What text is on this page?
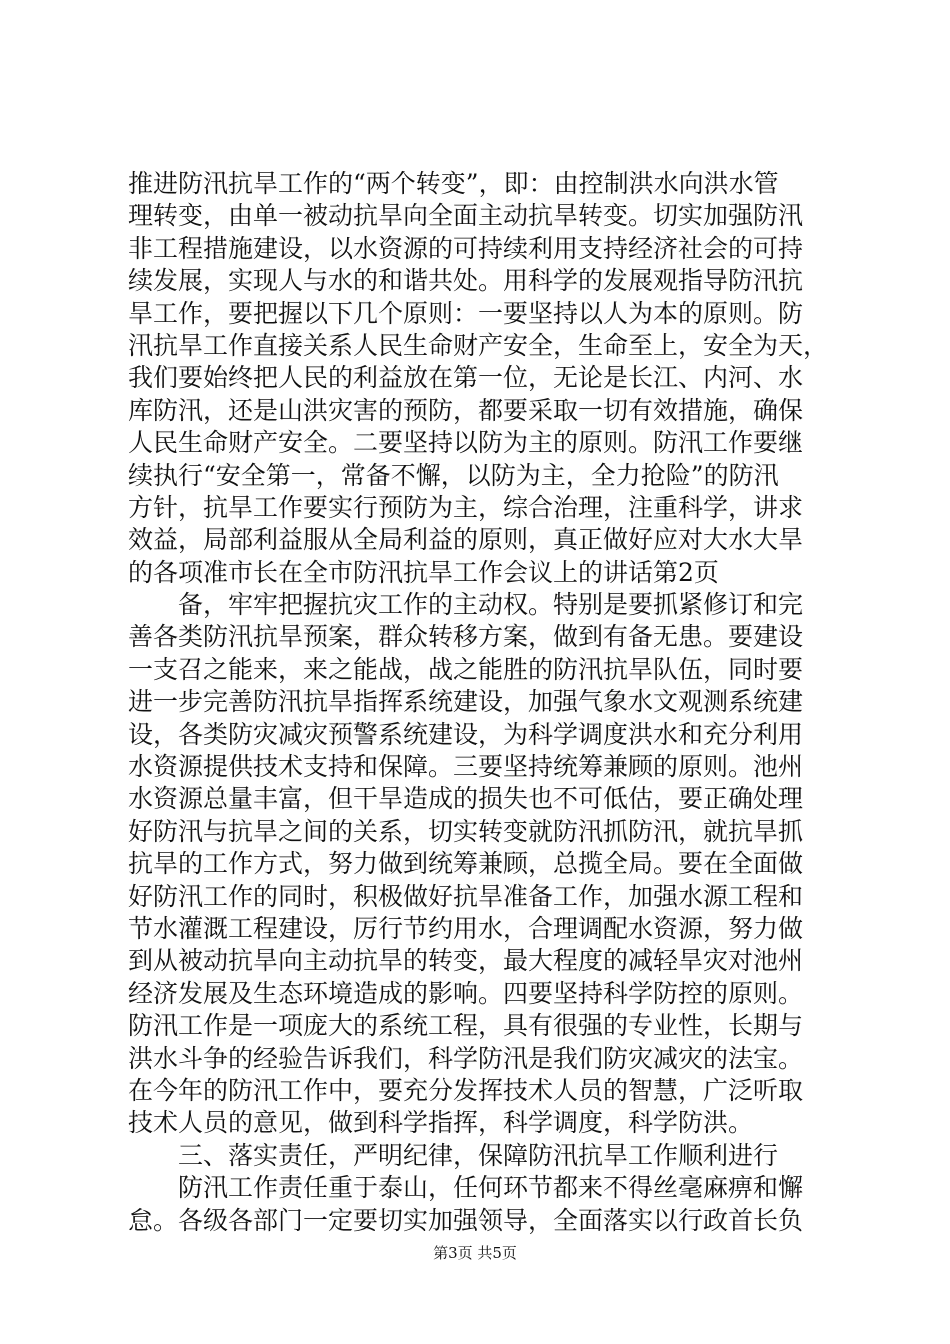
推进防汛抗旱工作的“两个转变”，即：由控制洪水向洪水管
理转变，由单一被动抗旱向全面主动抗旱转变。切实加强防汛
非工程措施建设，以水资源的可持续利用支持经济社会的可持
续发展，实现人与水的和谐共处。用科学的发展观指导防汛抗
旱工作，要把握以下几个原则：一要坚持以人为本的原则。防
汛抗旱工作直接关系人民生命财产安全，生命至上，安全为天，
我们要始终把人民的利益放在第一位，无论是长江、内河、水
库防汛，还是山洪灾害的预防，都要采取一切有效措施，确保
人民生命财产安全。二要坚持以防为主的原则。防汛工作要继
续执行“安全第一，常备不懈，以防为主，全力抢险”的防汛
方针，抗旱工作要实行预防为主，综合治理，注重科学，讲求
效益，局部利益服从全局利益的原则，真正做好应对大水大旱
的各项准市长在全市防汛抗旱工作会议上的讲话第2页
　　备，牢牢把握抗灾工作的主动权。特别是要抓紧修订和完
善各类防汛抗旱预案，群众转移方案，做到有备无患。要建设
一支召之能来，来之能战，战之能胜的防汛抗旱队伍，同时要
进一步完善防汛抗旱指挥系统建设，加强气象水文观测系统建
设，各类防灾减灾预警系统建设，为科学调度洪水和充分利用
水资源提供技术支持和保障。三要坚持统筹兼顾的原则。池州
水资源总量丰富，但干旱造成的损失也不可低估，要正确处理
好防汛与抗旱之间的关系，切实转变就防汛抓防汛，就抗旱抓
抗旱的工作方式，努力做到统筹兼顾，总揽全局。要在全面做
好防汛工作的同时，积极做好抗旱准备工作，加强水源工程和
节水灌溉工程建设，厉行节约用水，合理调配水资源，努力做
到从被动抗旱向主动抗旱的转变，最大程度的减轻旱灾对池州
经济发展及生态环境造成的影响。四要坚持科学防控的原则。
防汛工作是一项庞大的系统工程，具有很强的专业性，长期与
洪水斗争的经验告诉我们，科学防汛是我们防灾减灾的法宝。
在今年的防汛工作中，要充分发挥技术人员的智慧，广泛听取
技术人员的意见，做到科学指挥，科学调度，科学防洪。
　　三、落实责任，严明纪律，保障防汛抗旱工作顺利进行
　　防汛工作责任重于泰山，任何环节都来不得丝毫麻痹和懈
怠。各级各部门一定要切实加强领导，全面落实以行政首长负
第3页 共5页
